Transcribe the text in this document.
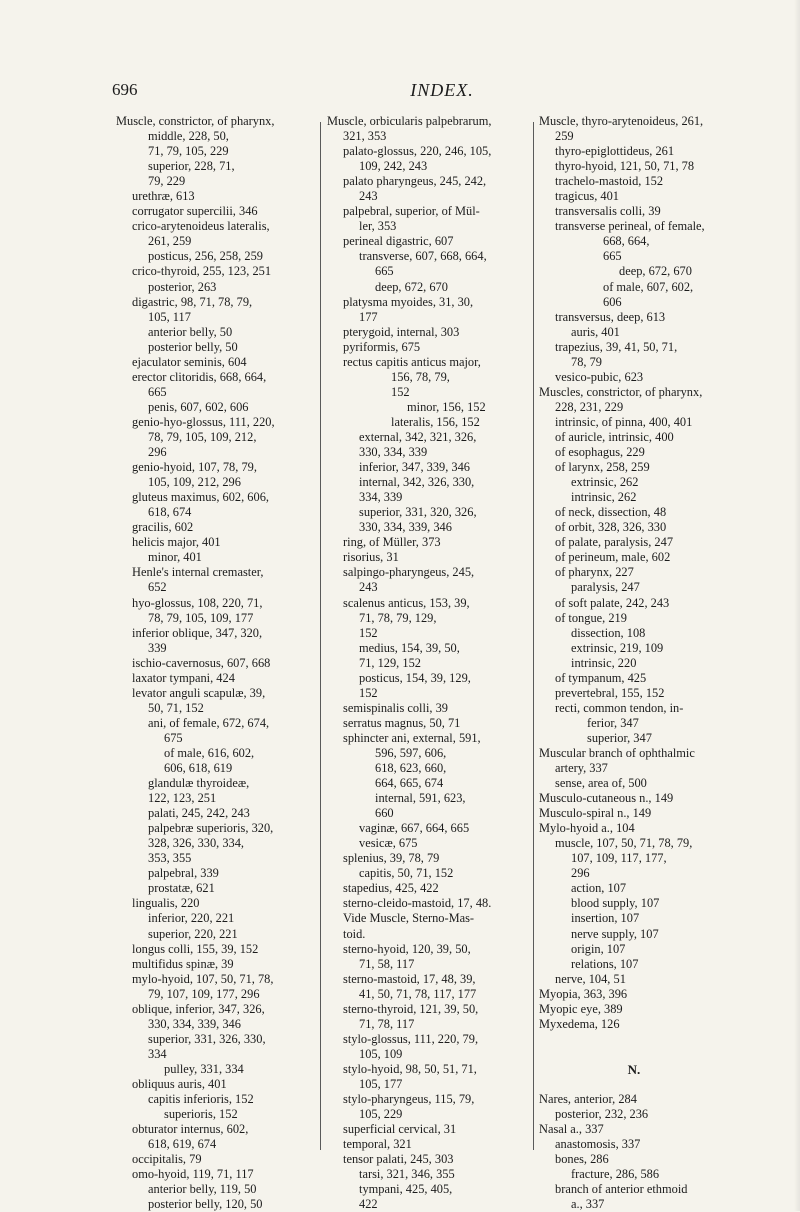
696	INDEX.
Muscle, constrictor, of pharynx,
middle, 228, 50,
71, 79, 105, 229
superior, 228, 71,
79, 229
urethræ, 613
corrugator supercilii, 346
crico-arytenoideus lateralis,
261, 259
posticus, 256, 258, 259
crico-thyroid, 255, 123, 251
posterior, 263
digastric, 98, 71, 78, 79,
105, 117
anterior belly, 50
posterior belly, 50
ejaculator seminis, 604
erector clitoridis, 668, 664,
665
penis, 607, 602, 606
genio-hyo-glossus, 111, 220,
78, 79, 105, 109, 212,
296
genio-hyoid, 107, 78, 79,
105, 109, 212, 296
gluteus maximus, 602, 606,
618, 674
gracilis, 602
helicis major, 401
minor, 401
Henle's internal cremaster,
652
hyo-glossus, 108, 220, 71,
78, 79, 105, 109, 177
inferior oblique, 347, 320,
339
ischio-cavernosus, 607, 668
laxator tympani, 424
levator anguli scapulæ, 39,
50, 71, 152
ani, of female, 672, 674,
675
of male, 616, 602,
606, 618, 619
glandulæ thyroideæ,
122, 123, 251
palati, 245, 242, 243
palpebræ superioris, 320,
328, 326, 330, 334,
353, 355
palpebral, 339
prostatæ, 621
lingualis, 220
inferior, 220, 221
superior, 220, 221
longus colli, 155, 39, 152
multifidus spinæ, 39
mylo-hyoid, 107, 50, 71, 78,
79, 107, 109, 177, 296
oblique, inferior, 347, 326,
330, 334, 339, 346
superior, 331, 326, 330,
334
pulley, 331, 334
obliquus auris, 401
capitis inferioris, 152
superioris, 152
obturator internus, 602,
618, 619, 674
occipitalis, 79
omo-hyoid, 119, 71, 117
anterior belly, 119, 50
posterior belly, 120, 50
Muscle, orbicularis palpebrarum,
321, 353
palato-glossus, 220, 246, 105,
109, 242, 243
palato pharyngeus, 245, 242,
243
palpebral, superior, of Mül-
ler, 353
perineal digastric, 607
transverse, 607, 668, 664,
665
deep, 672, 670
platysma myoides, 31, 30,
177
pterygoid, internal, 303
pyriformis, 675
rectus capitis anticus major,
156, 78, 79,
152
minor, 156, 152
lateralis, 156, 152
external, 342, 321, 326,
330, 334, 339
inferior, 347, 339, 346
internal, 342, 326, 330,
334, 339
superior, 331, 320, 326,
330, 334, 339, 346
ring, of Müller, 373
risorius, 31
salpingo-pharyngeus, 245,
243
scalenus anticus, 153, 39,
71, 78, 79, 129,
152
medius, 154, 39, 50,
71, 129, 152
posticus, 154, 39, 129,
152
semispinalis colli, 39
serratus magnus, 50, 71
sphincter ani, external, 591,
596, 597, 606,
618, 623, 660,
664, 665, 674
internal, 591, 623,
660
vaginæ, 667, 664, 665
vesicæ, 675
splenius, 39, 78, 79
capitis, 50, 71, 152
stapedius, 425, 422
sterno-cleido-mastoid, 17, 48.
Vide Muscle, Sterno-Mas-
toid.
sterno-hyoid, 120, 39, 50,
71, 58, 117
sterno-mastoid, 17, 48, 39,
41, 50, 71, 78, 117, 177
sterno-thyroid, 121, 39, 50,
71, 78, 117
stylo-glossus, 111, 220, 79,
105, 109
stylo-hyoid, 98, 50, 51, 71,
105, 177
stylo-pharyngeus, 115, 79,
105, 229
superficial cervical, 31
temporal, 321
tensor palati, 245, 303
tarsi, 321, 346, 355
tympani, 425, 405,
422
Muscle, thyro-arytenoideus, 261,
259
thyro-epiglottideus, 261
thyro-hyoid, 121, 50, 71, 78
trachelo-mastoid, 152
tragicus, 401
transversalis colli, 39
transverse perineal, of female,
668, 664,
665
deep, 672, 670
of male, 607, 602,
606
transversus, deep, 613
auris, 401
trapezius, 39, 41, 50, 71,
78, 79
vesico-pubic, 623
Muscles, constrictor, of pharynx,
228, 231, 229
intrinsic, of pinna, 400, 401
of auricle, intrinsic, 400
of esophagus, 229
of larynx, 258, 259
extrinsic, 262
intrinsic, 262
of neck, dissection, 48
of orbit, 328, 326, 330
of palate, paralysis, 247
of perineum, male, 602
of pharynx, 227
paralysis, 247
of soft palate, 242, 243
of tongue, 219
dissection, 108
extrinsic, 219, 109
intrinsic, 220
of tympanum, 425
prevertebral, 155, 152
recti, common tendon, in-
ferior, 347
superior, 347
Muscular branch of ophthalmic
artery, 337
sense, area of, 500
Musculo-cutaneous n., 149
Musculo-spiral n., 149
Mylo-hyoid a., 104
muscle, 107, 50, 71, 78, 79,
107, 109, 117, 177,
296
action, 107
blood supply, 107
insertion, 107
nerve supply, 107
origin, 107
relations, 107
nerve, 104, 51
Myopia, 363, 396
Myopic eye, 389
Myxedema, 126
N.
Nares, anterior, 284
posterior, 232, 236
Nasal a., 337
anastomosis, 337
bones, 286
fracture, 286, 586
branch of anterior ethmoid
a., 337
